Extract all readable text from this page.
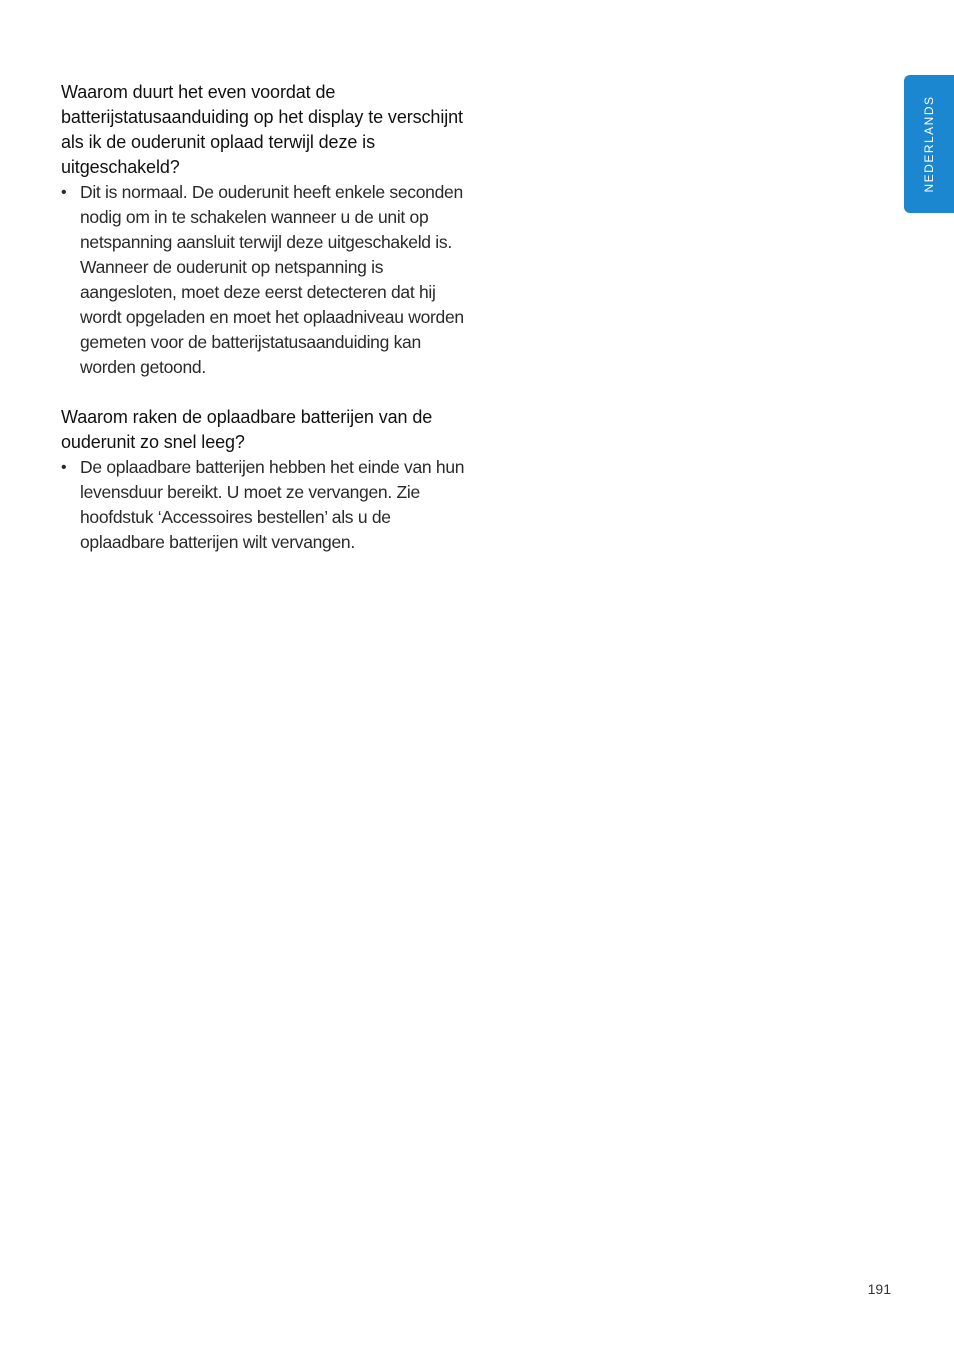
Waarom duurt het even voordat de batterijstatusaanduiding op het display te verschijnt als ik de ouderunit oplaad terwijl deze is uitgeschakeld?

• Dit is normaal. De ouderunit heeft enkele seconden nodig om in te schakelen wanneer u de unit op netspanning aansluit terwijl deze uitgeschakeld is. Wanneer de ouderunit op netspanning is aangesloten, moet deze eerst detecteren dat hij wordt opgeladen en moet het oplaadniveau worden gemeten voor de batterijstatusaanduiding kan worden getoond.

Waarom raken de oplaadbare batterijen van de ouderunit zo snel leeg?

• De oplaadbare batterijen hebben het einde van hun levensduur bereikt. U moet ze vervangen. Zie hoofdstuk ‘Accessoires bestellen’ als u de oplaadbare batterijen wilt vervangen.
NEDERLANDS
191
